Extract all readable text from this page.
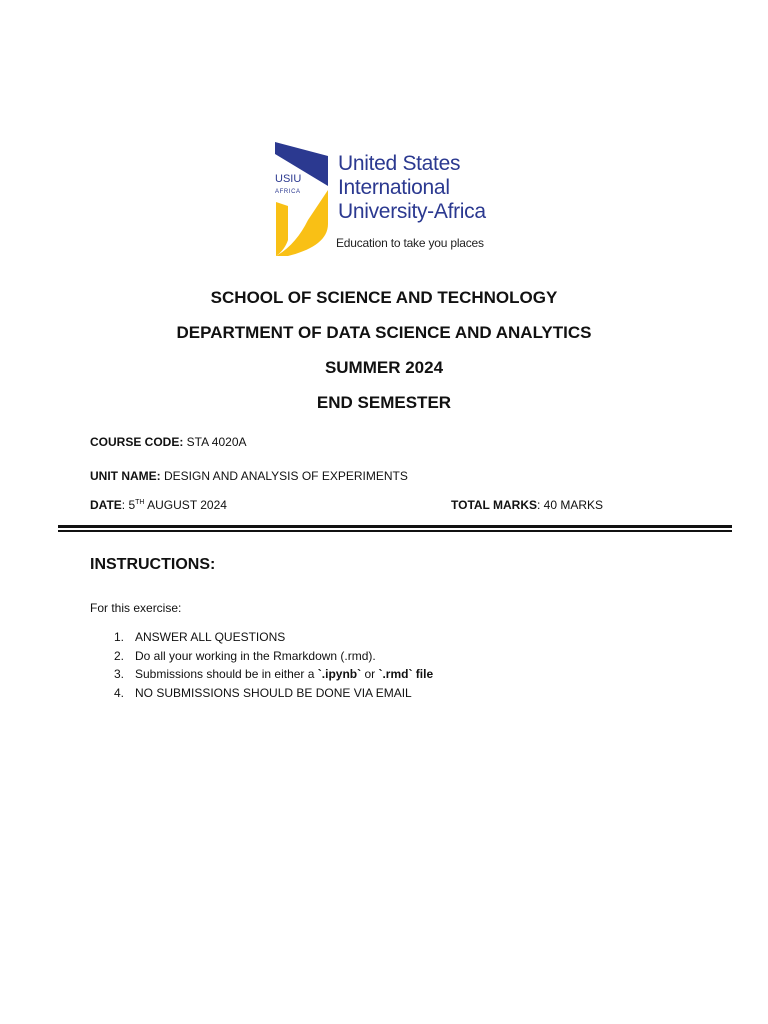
USIU
AFRICA
United States
International
University-Africa
Education to take you places
SCHOOL OF SCIENCE AND TECHNOLOGY
DEPARTMENT OF DATA SCIENCE AND ANALYTICS
SUMMER 2024
END SEMESTER
COURSE CODE: STA 4020A
UNIT NAME: DESIGN AND ANALYSIS OF EXPERIMENTS
DATE: 5TH AUGUST 2024	TOTAL MARKS: 40 MARKS
INSTRUCTIONS:
For this exercise:
1. ANSWER ALL QUESTIONS
2. Do all your working in the Rmarkdown (.rmd).
3. Submissions should be in either a `.ipynb` or `.rmd` file
4. NO SUBMISSIONS SHOULD BE DONE VIA EMAIL
